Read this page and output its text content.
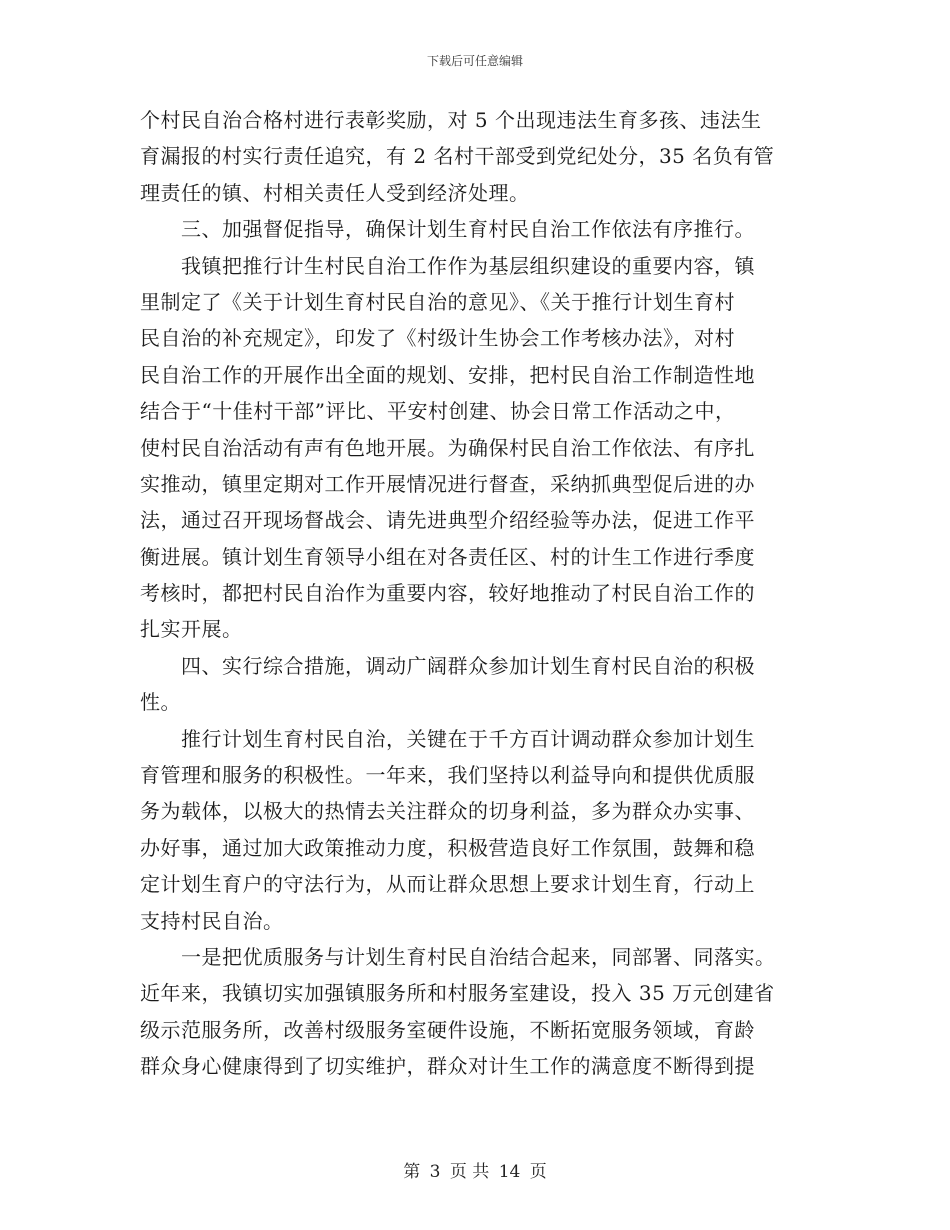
下载后可任意编辑
个村民自治合格村进行表彰奖励，对 5 个出现违法生育多孩、违法生
育漏报的村实行责任追究，有 2 名村干部受到党纪处分，35 名负有管
理责任的镇、村相关责任人受到经济处理。
　　三、加强督促指导，确保计划生育村民自治工作依法有序推行。
　　我镇把推行计生村民自治工作作为基层组织建设的重要内容，镇
里制定了《关于计划生育村民自治的意见》、《关于推行计划生育村
民自治的补充规定》，印发了《村级计生协会工作考核办法》，对村
民自治工作的开展作出全面的规划、安排，把村民自治工作制造性地
结合于“十佳村干部”评比、平安村创建、协会日常工作活动之中，
使村民自治活动有声有色地开展。为确保村民自治工作依法、有序扎
实推动，镇里定期对工作开展情况进行督查，采纳抓典型促后进的办
法，通过召开现场督战会、请先进典型介绍经验等办法，促进工作平
衡进展。镇计划生育领导小组在对各责任区、村的计生工作进行季度
考核时，都把村民自治作为重要内容，较好地推动了村民自治工作的
扎实开展。
　　四、实行综合措施，调动广阔群众参加计划生育村民自治的积极
性。
　　推行计划生育村民自治，关键在于千方百计调动群众参加计划生
育管理和服务的积极性。一年来，我们坚持以利益导向和提供优质服
务为载体，以极大的热情去关注群众的切身利益，多为群众办实事、
办好事，通过加大政策推动力度，积极营造良好工作氛围，鼓舞和稳
定计划生育户的守法行为，从而让群众思想上要求计划生育，行动上
支持村民自治。
　　一是把优质服务与计划生育村民自治结合起来，同部署、同落实。
近年来，我镇切实加强镇服务所和村服务室建设，投入 35 万元创建省
级示范服务所，改善村级服务室硬件设施，不断拓宽服务领域，育龄
群众身心健康得到了切实维护，群众对计生工作的满意度不断得到提
第 3 页 共 14 页
